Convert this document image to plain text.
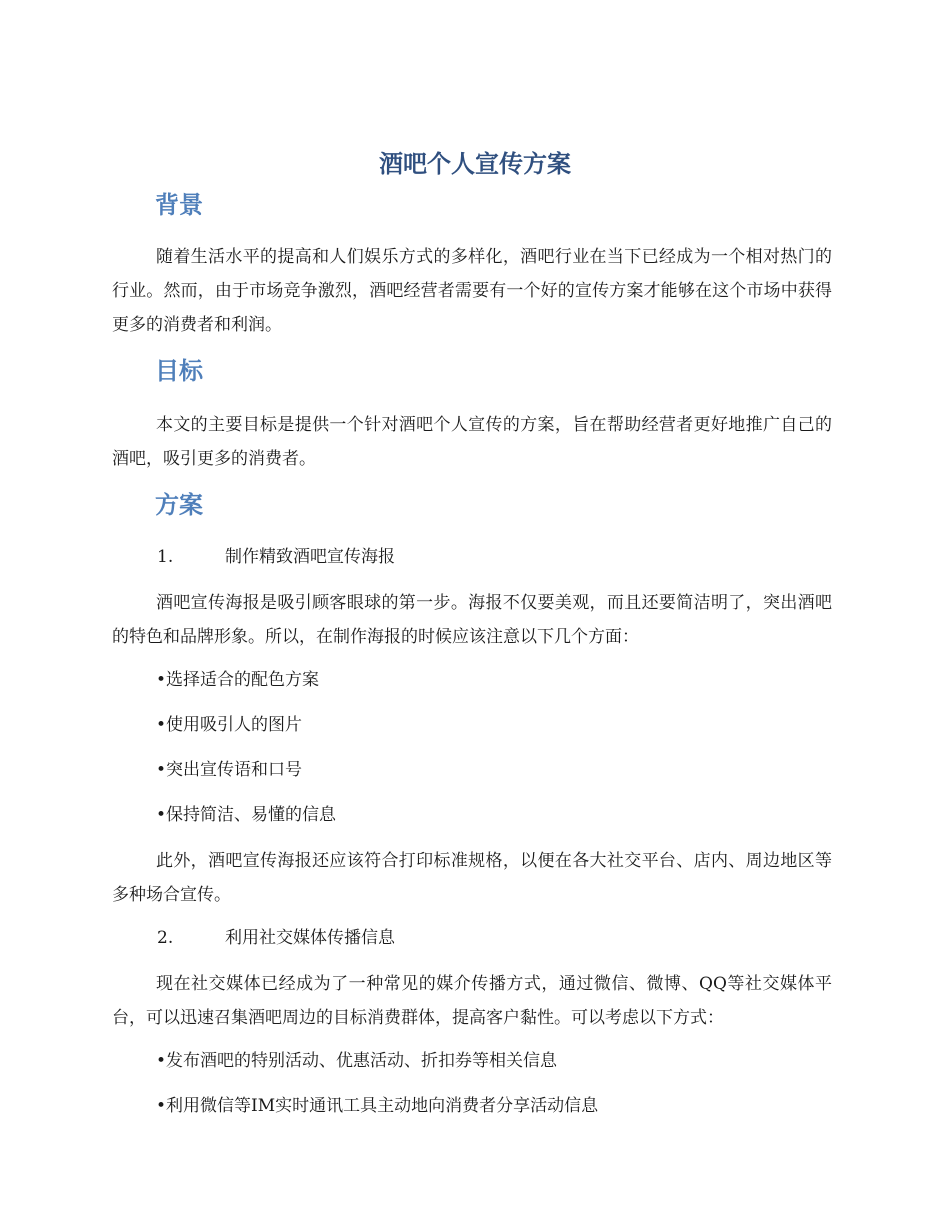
酒吧个人宣传方案
背景

随着生活水平的提高和人们娱乐方式的多样化，酒吧行业在当下已经成为一个相对热门的行业。然而，由于市场竞争激烈，酒吧经营者需要有一个好的宣传方案才能够在这个市场中获得更多的消费者和利润。

目标

本文的主要目标是提供一个针对酒吧个人宣传的方案，旨在帮助经营者更好地推广自己的酒吧，吸引更多的消费者。

方案
1.	制作精致酒吧宣传海报

酒吧宣传海报是吸引顾客眼球的第一步。海报不仅要美观，而且还要简洁明了，突出酒吧的特色和品牌形象。所以，在制作海报的时候应该注意以下几个方面：

•选择适合的配色方案
•使用吸引人的图片
•突出宣传语和口号
•保持简洁、易懂的信息

此外，酒吧宣传海报还应该符合打印标准规格，以便在各大社交平台、店内、周边地区等多种场合宣传。

2.	利用社交媒体传播信息

现在社交媒体已经成为了一种常见的媒介传播方式，通过微信、微博、QQ等社交媒体平台，可以迅速召集酒吧周边的目标消费群体，提高客户黏性。可以考虑以下方式：

•发布酒吧的特别活动、优惠活动、折扣券等相关信息
•利用微信等IM实时通讯工具主动地向消费者分享活动信息
